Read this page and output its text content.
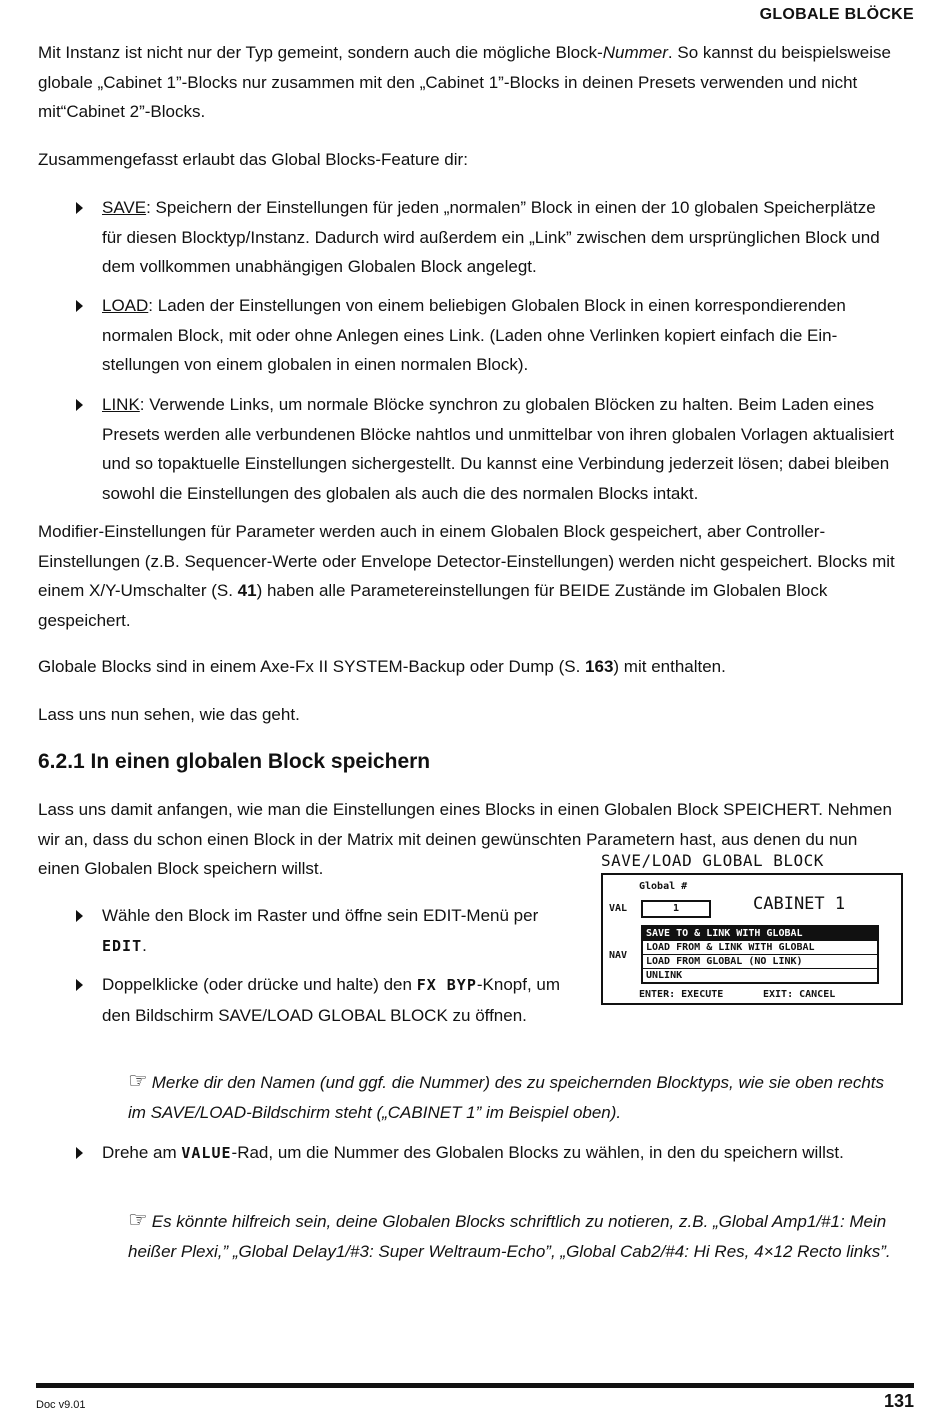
GLOBALE BLÖCKE
Mit Instanz ist nicht nur der Typ gemeint, sondern auch die mögliche Block-Nummer. So kannst du beispielsweise globale „Cabinet 1”-Blocks nur zusammen mit den „Cabinet 1”-Blocks in deinen Presets verwenden und nicht mit“Cabinet 2”-Blocks.
Zusammengefasst erlaubt das Global Blocks-Feature dir:
SAVE: Speichern der Einstellungen für jeden „normalen” Block in einen der 10 globalen Speicherplätze für diesen Blocktyp/Instanz. Dadurch wird außerdem ein „Link” zwischen dem ursprünglichen Block und dem vollkommen unabhängigen Globalen Block angelegt.
LOAD: Laden der Einstellungen von einem beliebigen Globalen Block in einen korrespondierenden normalen Block, mit oder ohne Anlegen eines Link. (Laden ohne Verlinken kopiert einfach die Einstellungen von einem globalen in einen normalen Block).
LINK: Verwende Links, um normale Blöcke synchron zu globalen Blöcken zu halten. Beim Laden eines Presets werden alle verbundenen Blöcke nahtlos und unmittelbar von ihren globalen Vorlagen aktualisiert und so topaktuelle Einstellungen sichergestellt. Du kannst eine Verbindung jederzeit lösen; dabei bleiben sowohl die Einstellungen des globalen als auch die des normalen Blocks intakt.
Modifier-Einstellungen für Parameter werden auch in einem Globalen Block gespeichert, aber Controller-Einstellungen (z.B. Sequencer-Werte oder Envelope Detector-Einstellungen) werden nicht gespeichert. Blocks mit einem X/Y-Umschalter (S. 41) haben alle Parametereinstellungen für BEIDE Zustände im Globalen Block gespeichert.
Globale Blocks sind in einem Axe-Fx II SYSTEM-Backup oder Dump (S. 163) mit enthalten.
Lass uns nun sehen, wie das geht.
6.2.1 In einen globalen Block speichern
Lass uns damit anfangen, wie man die Einstellungen eines Blocks in einen Globalen Block SPEICHERT. Nehmen wir an, dass du schon einen Block in der Matrix mit deinen gewünschten Parametern hast, aus denen du nun einen Globalen Block speichern willst.
Wähle den Block im Raster und öffne sein EDIT-Menü per EDIT.
Doppelklicke (oder drücke und halte) den FX BYP-Knopf, um den Bildschirm SAVE/LOAD GLOBAL BLOCK zu öffnen.
☞ Merke dir den Namen (und ggf. die Nummer) des zu speichernden Blocktyps, wie sie oben rechts im SAVE/LOAD-Bildschirm steht („CABINET 1” im Beispiel oben).
Drehe am VALUE-Rad, um die Nummer des Globalen Blocks zu wählen, in den du speichern willst.
☞ Es könnte hilfreich sein, deine Globalen Blocks schriftlich zu notieren, z.B. „Global Amp1/#1: Mein heißer Plexi,” „Global Delay1/#3: Super Weltraum-Echo”, „Global Cab2/#4: Hi Res, 4×12 Recto links”.
SAVE/LOAD GLOBAL BLOCK
Global #
VAL	1	CABINET 1
NAV
SAVE TO & LINK WITH GLOBAL
LOAD FROM & LINK WITH GLOBAL
LOAD FROM GLOBAL (NO LINK)
UNLINK
ENTER: EXECUTE	EXIT: CANCEL
Doc v9.01	131
